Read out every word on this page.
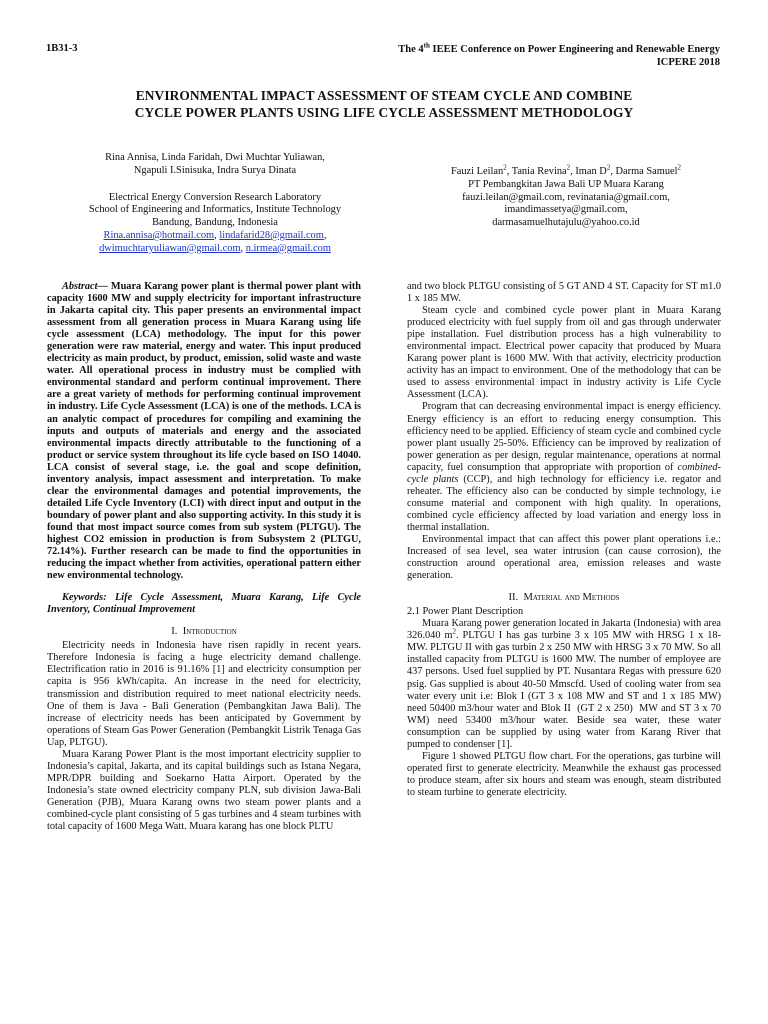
1B31-3	The 4th IEEE Conference on Power Engineering and Renewable Energy
ICPERE 2018
ENVIRONMENTAL IMPACT ASSESSMENT OF STEAM CYCLE AND COMBINE
CYCLE POWER PLANTS USING LIFE CYCLE ASSESSMENT METHODOLOGY
Rina Annisa, Linda Faridah, Dwi Muchtar Yuliawan,
Ngapuli I.Sinisuka, Indra Surya Dinata
Electrical Energy Conversion Research Laboratory
School of Engineering and Informatics, Institute Technology
Bandung, Bandung, Indonesia
Rina.annisa@hotmail.com, lindafarid28@gmail.com,
dwimuchtaryuliawan@gmail.com, n.irmea@gmail.com
Fauzi Leilan$^2$, Tania Revina$^2$, Iman $D^2$, Darma Samuel$^2$
PT Pembangkitan Jawa Bali UP Muara Karang
fauzi.leilan@gmail.com, revinatania@gmail.com,
imandimassetya@gmail.com,
darmasamuelhutajulu@yahoo.co.id

Abstract— Muara Karang power plant is thermal power plant with capacity 1600 MW and supply electricity for important infrastructure in Jakarta capital city. This paper presents an environmental impact assessment from all generation process in Muara Karang using life cycle assessment (LCA) methodology. The input for this power generation were raw material, energy and water. This input produced electricity as main product, by product, emission, solid waste and waste water. All operational process in industry must be complied with environmental standard and perform continual improvement. There are a great variety of methods for performing continual improvement in industry. Life Cycle Assessment (LCA) is one of the methods. LCA is an analytic compact of procedures for compiling and examining the inputs and outputs of materials and energy and the associated environmental impacts directly attributable to the functioning of a product or service system throughout its life cycle based on ISO 14040. LCA consist of several stage, i.e. the goal and scope definition, inventory analysis, impact assessment and interpretation. To make clear the environmental damages and potential improvements, the detailed Life Cycle Inventory (LCI) with direct input and output in the boundary of power plant and also supporting activity. In this study it is found that most impact source comes from sub system (PLTGU). The highest CO2 emission in production is from Subsystem 2 (PLTGU, 72.14%). Further research can be made to find the opportunities in reducing the impact whether from activities, operational pattern either new environmental technology.

Keywords: Life Cycle Assessment, Muara Karang, Life Cycle Inventory, Continual Improvement

I. Introduction

Electricity needs in Indonesia have risen rapidly in recent years. Therefore Indonesia is facing a huge electricity demand challenge. Electrification ratio in 2016 is 91.16% [1] and electricity consumption per capita is 956 kWh/capita. An increase in the need for electricity, transmission and distribution required to meet national electricity needs. One of them is Java - Bali Generation (Pembangkitan Jawa Bali). The increase of electricity needs has been anticipated by Government by operations of Steam Gas Power Generation (Pembangkit Listrik Tenaga Gas Uap, PLTGU).

Muara Karang Power Plant is the most important electricity supplier to Indonesia’s capital, Jakarta, and its capital buildings such as Istana Negara, MPR/DPR building and Soekarno Hatta Airport. Operated by the Indonesia’s state owned electricity company PLN, sub division Jawa-Bali Generation (PJB), Muara Karang owns two steam power plants and a combined-cycle plant consisting of 5 gas turbines and 4 steam turbines with total capacity of 1600 Mega Watt. Muara karang has one block PLTU

and two block PLTGU consisting of 5 GT AND 4 ST. Capacity for ST m1.0 1 x 185 MW.

Steam cycle and combined cycle power plant in Muara Karang produced electricity with fuel supply from oil and gas through underwater pipe installation. Fuel distribution process has a high vulnerability to environmental impact. Electrical power capacity that produced by Muara Karang power plant is 1600 MW. With that activity, electricity production activity has an impact to environment. One of the methodology that can be used to assess environmental impact in industry activity is Life Cycle Assessment (LCA).

Program that can decreasing environmental impact is energy efficiency. Energy efficiency is an effort to reducing energy consumption. This efficiency need to be applied. Efficiency of steam cycle and combined cycle power plant usually 25-50%. Efficiency can be improved by realization of power generation as per design, regular maintenance, operations at normal capacity, fuel consumption that appropriate with proportion of combined-cycle plants (CCP), and high technology for efficiency i.e. regator and reheater. The efficiency also can be conducted by simple technology, i.e consume material and component with high quality. In operations, combined cycle efficiency affected by load variation and energy loss in thermal installation.

Environmental impact that can affect this power plant operations i.e.: Increased of sea level, sea water intrusion (can cause corrosion), the construction around operational area, emission releases and waste generation.

II. Material and Methods

2.1 Power Plant Description

Muara Karang power generation located in Jakarta (Indonesia) with area 326.040 $m^2$. PLTGU I has gas turbine 3 x 105 MW with HRSG 1 x 18- MW. PLTGU II with gas turbin 2 x 250 MW with HRSG 3 x 70 MW. So all installed capacity from PLTGU is 1600 MW. The number of employee are 437 persons. Used fuel supplied by PT. Nusantara Regas with pressure 620 psig. Gas supplied is about 40-50 Mmscfd. Used of cooling water from sea water every unit i.e: Blok I (GT 3 x 108 MW and ST and 1 x 185 MW) need 50400 m3/hour water and Blok II  (GT 2 x 250)  MW and ST 3 x 70 WM) need 53400 m3/hour water. Beside sea water, these water consumption can be supplied by using water from Karang River that pumped to condenser [1].

Figure 1 showed PLTGU flow chart. For the operations, gas turbine will operated first to generate electricity. Meanwhile the exhaust gas processed to produce steam, after six hours and steam was enough, steam distributed to steam turbine to generate electricity.
